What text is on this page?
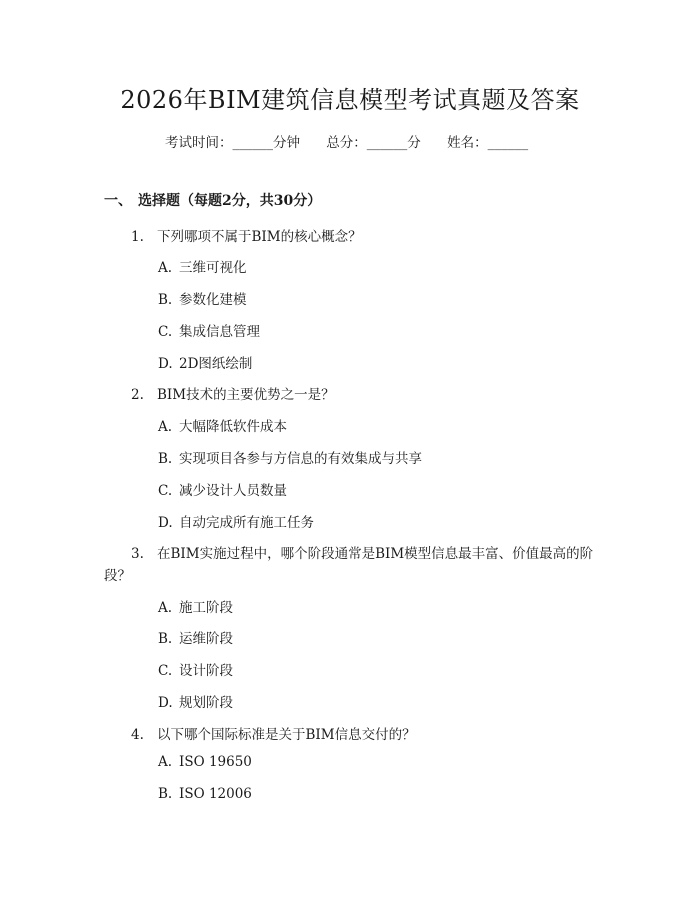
2026年BIM建筑信息模型考试真题及答案
考试时间：______分钟 总分：______分 姓名：______
一、 选择题（每题2分，共30分）
1. 下列哪项不属于BIM的核心概念？
A. 三维可视化
B. 参数化建模
C. 集成信息管理
D. 2D图纸绘制
2. BIM技术的主要优势之一是？
A. 大幅降低软件成本
B. 实现项目各参与方信息的有效集成与共享
C. 减少设计人员数量
D. 自动完成所有施工任务
3. 在BIM实施过程中，哪个阶段通常是BIM模型信息最丰富、价值最高的阶
段？
A. 施工阶段
B. 运维阶段
C. 设计阶段
D. 规划阶段
4. 以下哪个国际标准是关于BIM信息交付的？
A. ISO 19650
B. ISO 12006
